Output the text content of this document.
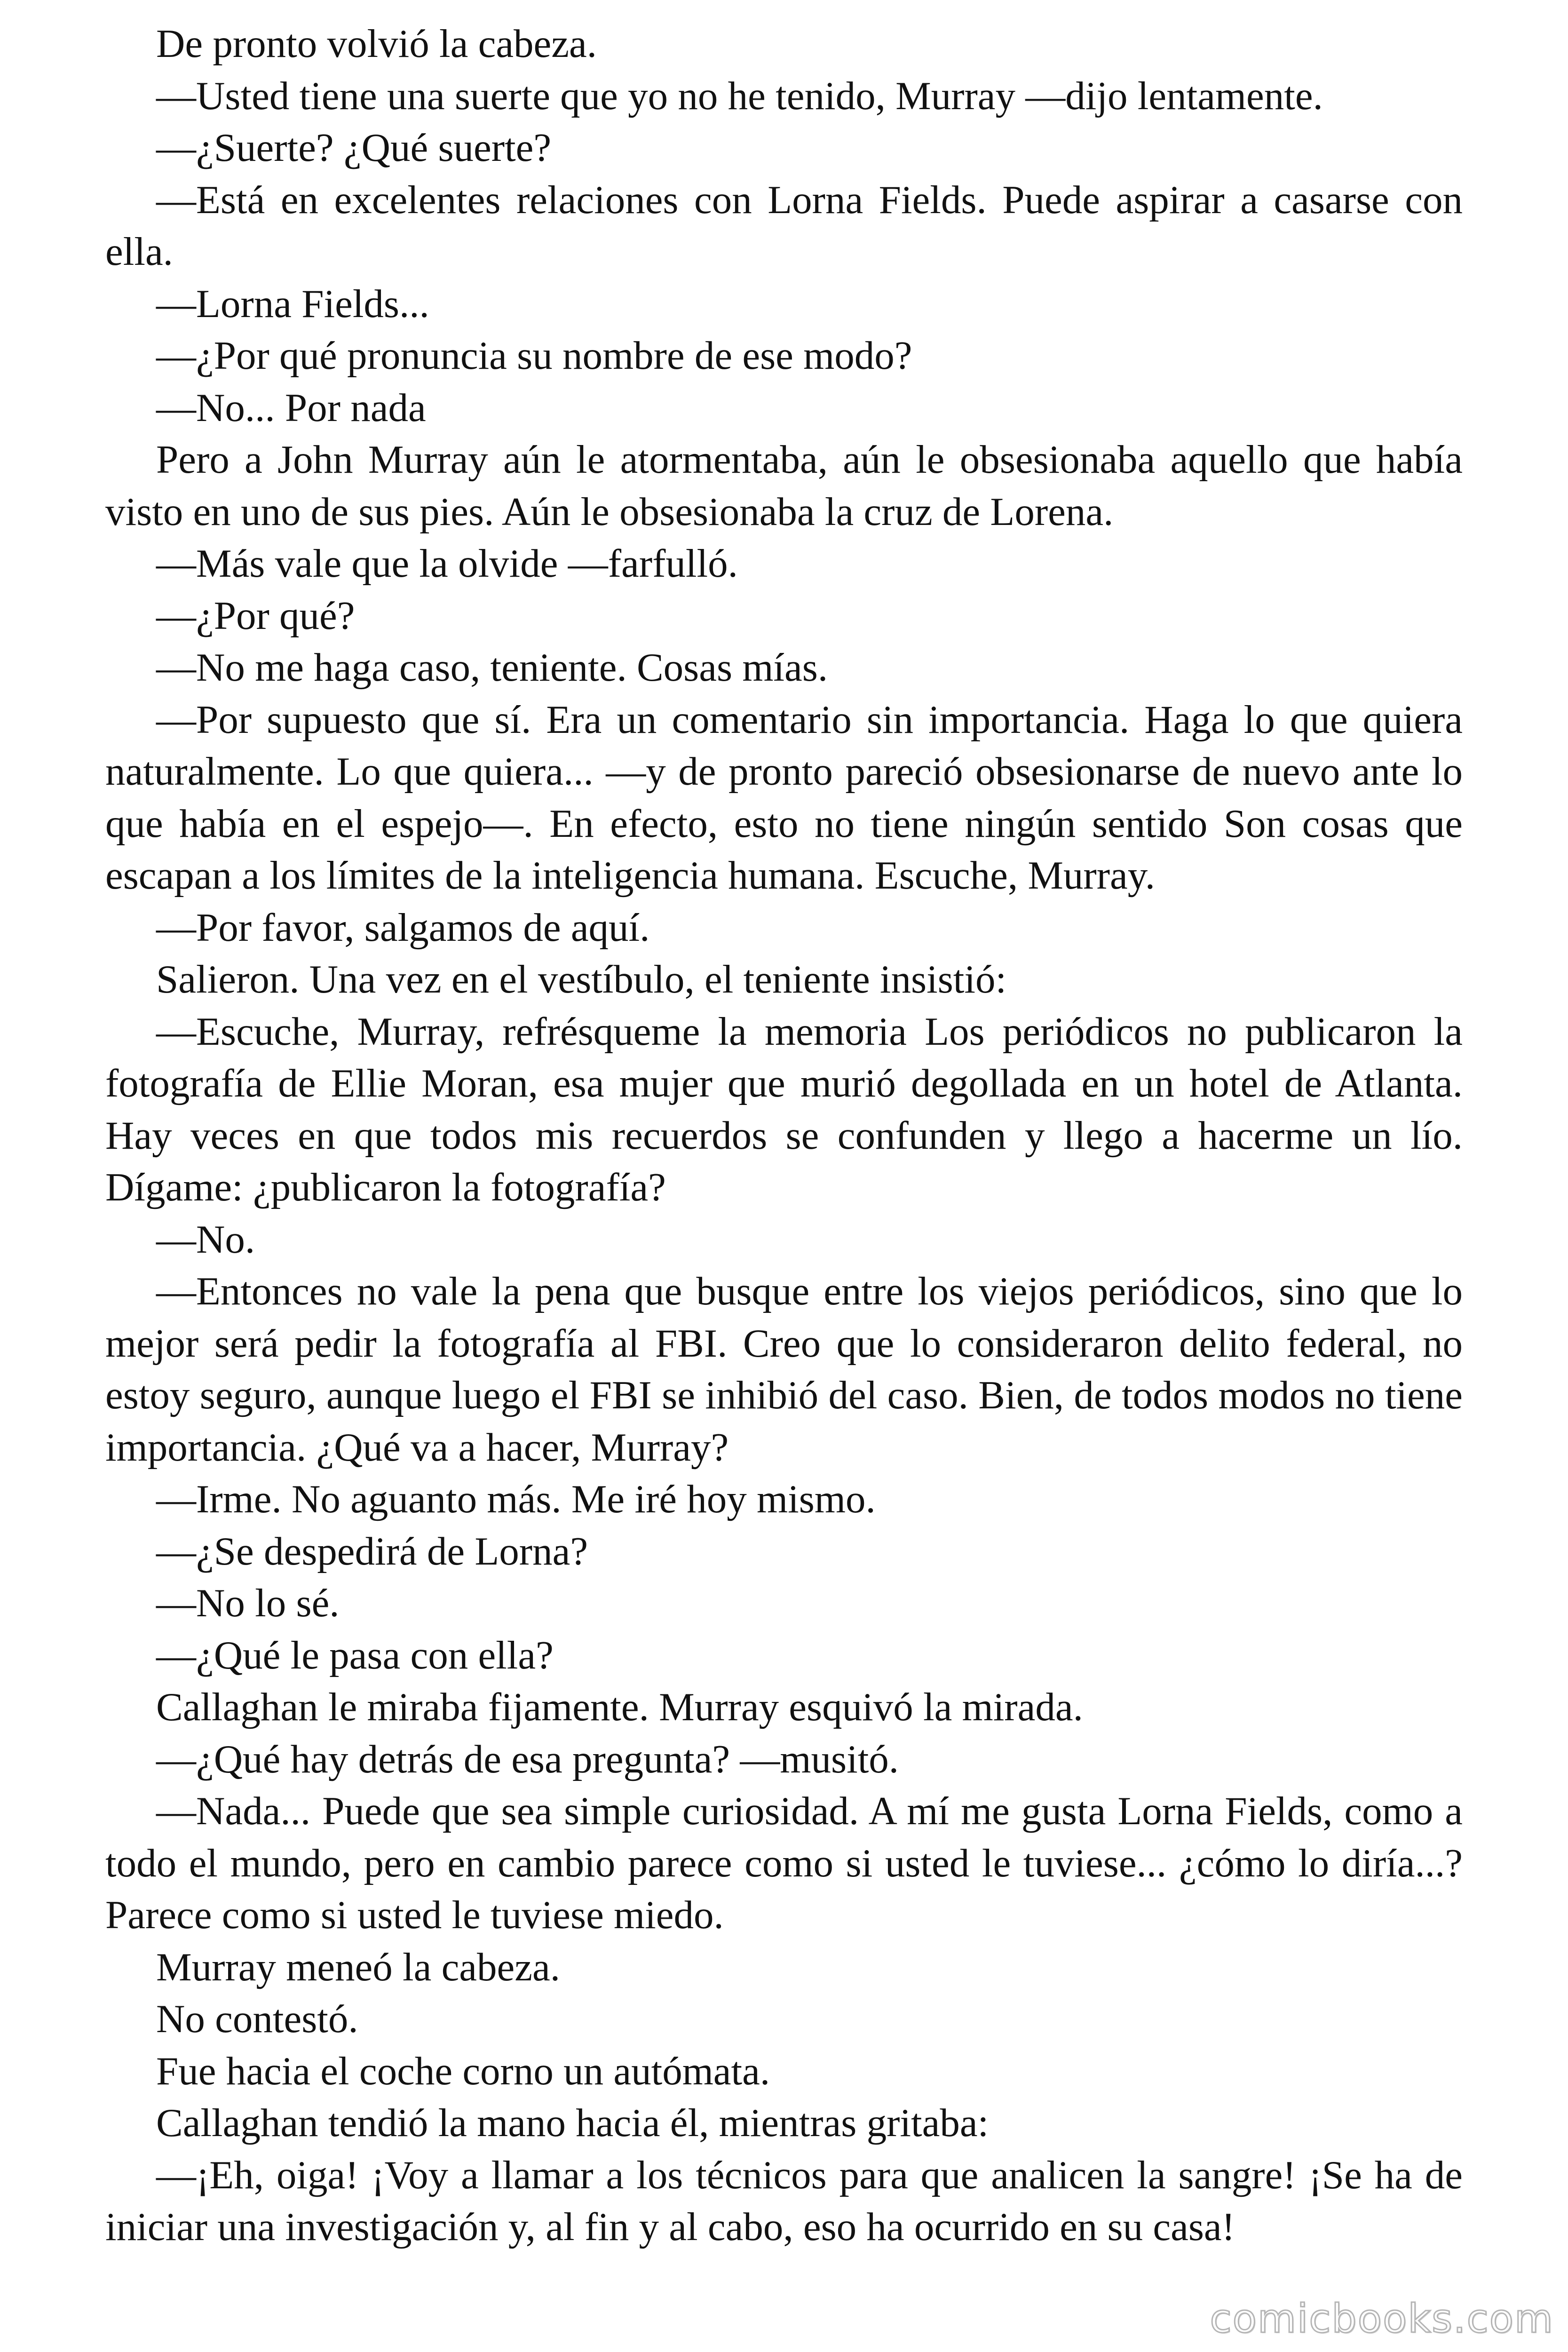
De pronto volvió la cabeza.

—Usted tiene una suerte que yo no he tenido, Murray —dijo lentamente.

—¿Suerte? ¿Qué suerte?

—Está en excelentes relaciones con Lorna Fields. Puede aspirar a casarse con ella.

—Lorna Fields...

—¿Por qué pronuncia su nombre de ese modo?

—No... Por nada

Pero a John Murray aún le atormentaba, aún le obsesionaba aquello que había visto en uno de sus pies. Aún le obsesionaba la cruz de Lorena.

—Más vale que la olvide —farfulló.

—¿Por qué?

—No me haga caso, teniente. Cosas mías.

—Por supuesto que sí. Era un comentario sin importancia. Haga lo que quiera naturalmente. Lo que quiera... —y de pronto pareció obsesionarse de nuevo ante lo que había en el espejo—. En efecto, esto no tiene ningún sentido Son cosas que escapan a los límites de la inteligencia humana. Escuche, Murray.

—Por favor, salgamos de aquí.

Salieron. Una vez en el vestíbulo, el teniente insistió:

—Escuche, Murray, refrésqueme la memoria Los periódicos no publicaron la fotografía de Ellie Moran, esa mujer que murió degollada en un hotel de Atlanta. Hay veces en que todos mis recuerdos se confunden y llego a hacerme un lío. Dígame: ¿publicaron la fotografía?

—No.

—Entonces no vale la pena que busque entre los viejos periódicos, sino que lo mejor será pedir la fotografía al FBI. Creo que lo consideraron delito federal, no estoy seguro, aunque luego el FBI se inhibió del caso. Bien, de todos modos no tiene importancia. ¿Qué va a hacer, Murray?

—Irme. No aguanto más. Me iré hoy mismo.

—¿Se despedirá de Lorna?

—No lo sé.

—¿Qué le pasa con ella?

Callaghan le miraba fijamente. Murray esquivó la mirada.

—¿Qué hay detrás de esa pregunta? —musitó.

—Nada... Puede que sea simple curiosidad. A mí me gusta Lorna Fields, como a todo el mundo, pero en cambio parece como si usted le tuviese... ¿cómo lo diría...? Parece como si usted le tuviese miedo.

Murray meneó la cabeza.

No contestó.

Fue hacia el coche corno un autómata.

Callaghan tendió la mano hacia él, mientras gritaba:

—¡Eh, oiga! ¡Voy a llamar a los técnicos para que analicen la sangre! ¡Se ha de iniciar una investigación y, al fin y al cabo, eso ha ocurrido en su casa!

comicbooks.com
